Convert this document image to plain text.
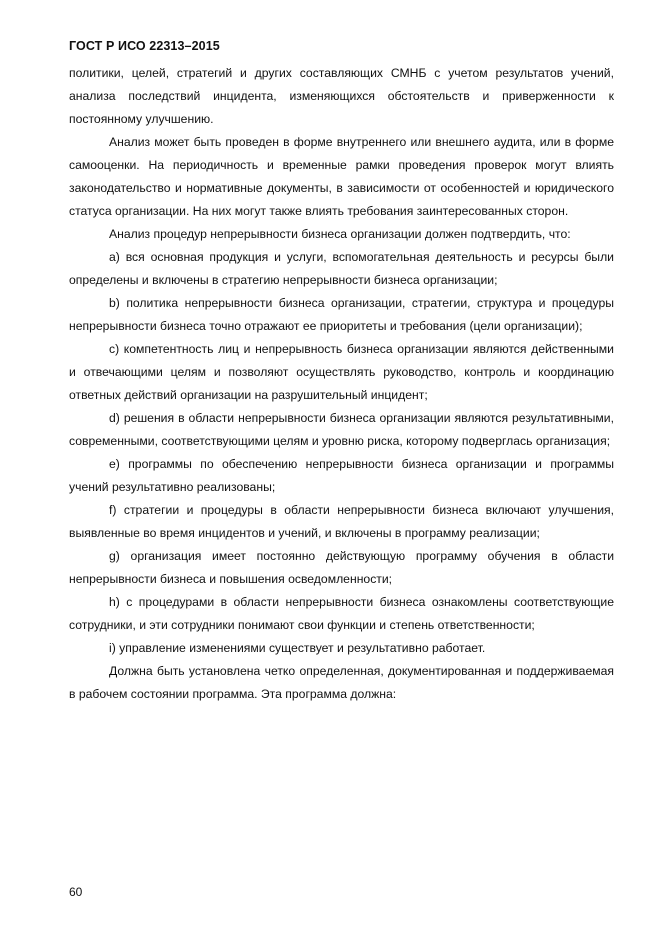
ГОСТ Р ИСО 22313–2015

политики, целей, стратегий и других составляющих СМНБ с учетом результатов учений, анализа последствий инцидента, изменяющихся обстоятельств и приверженности к постоянному улучшению.

Анализ может быть проведен в форме внутреннего или внешнего аудита, или в форме самооценки. На периодичность и временные рамки проведения проверок могут влиять законодательство и нормативные документы, в зависимости от особенностей и юридического статуса организации. На них могут также влиять требования заинтересованных сторон.

Анализ процедур непрерывности бизнеса организации должен подтвердить, что:

a) вся основная продукция и услуги, вспомогательная деятельность и ресурсы были определены и включены в стратегию непрерывности бизнеса организации;

b) политика непрерывности бизнеса организации, стратегии, структура и процедуры непрерывности бизнеса точно отражают ее приоритеты и требования (цели организации);

c) компетентность лиц и непрерывность бизнеса организации являются действенными и отвечающими целям и позволяют осуществлять руководство, контроль и координацию ответных действий организации на разрушительный инцидент;

d) решения в области непрерывности бизнеса организации являются результативными, современными, соответствующими целям и уровню риска, которому подверглась организация;

e) программы по обеспечению непрерывности бизнеса организации и программы учений результативно реализованы;

f) стратегии и процедуры в области непрерывности бизнеса включают улучшения, выявленные во время инцидентов и учений, и включены в программу реализации;

g) организация имеет постоянно действующую программу обучения в области непрерывности бизнеса и повышения осведомленности;

h) с процедурами в области непрерывности бизнеса ознакомлены соответствующие сотрудники, и эти сотрудники понимают свои функции и степень ответственности;

i) управление изменениями существует и результативно работает.

Должна быть установлена четко определенная, документированная и поддерживаемая в рабочем состоянии программа. Эта программа должна:

60
